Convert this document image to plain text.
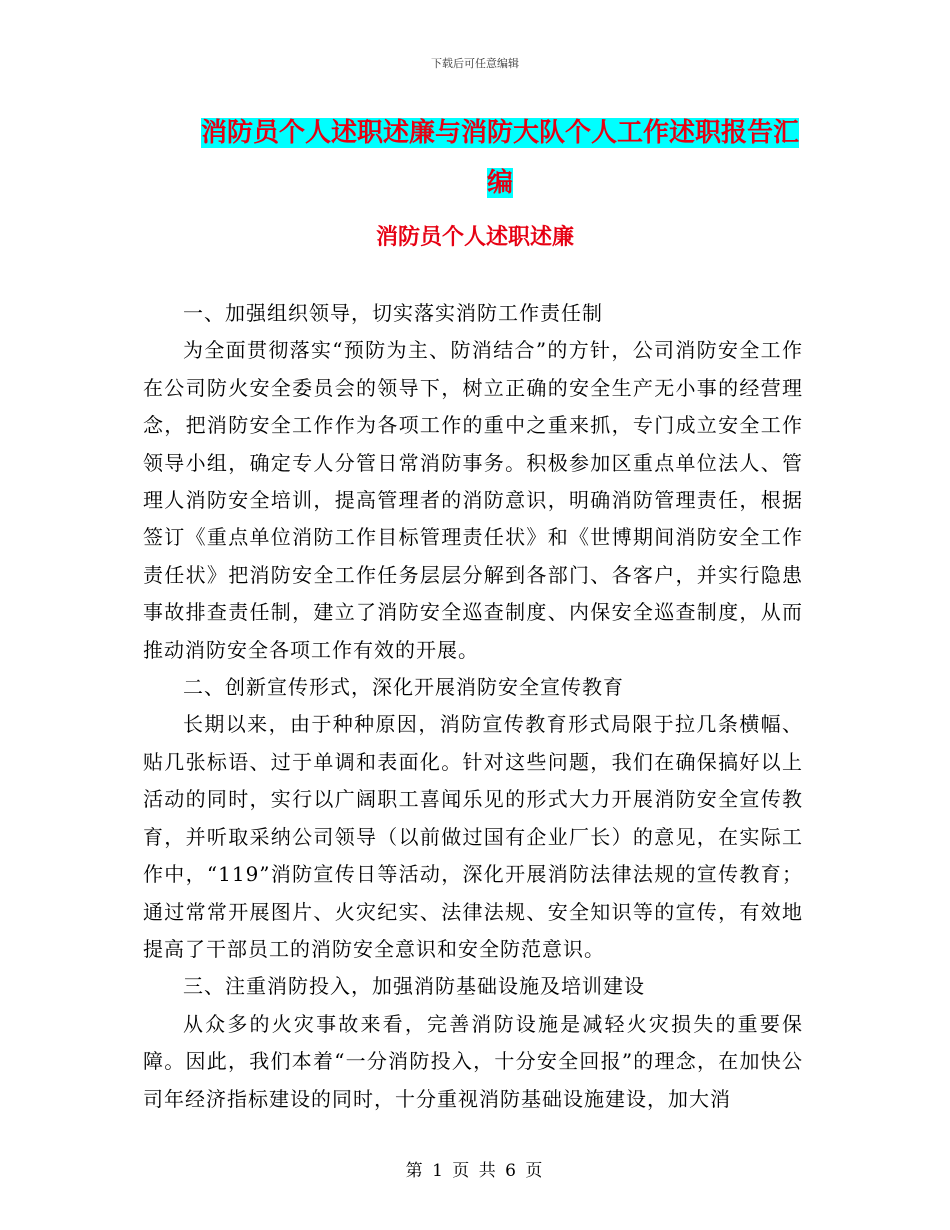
下载后可任意编辑
消防员个人述职述廉与消防大队个人工作述职报告汇编
消防员个人述职述廉

一、加强组织领导，切实落实消防工作责任制

为全面贯彻落实“预防为主、防消结合”的方针，公司消防安全工作在公司防火安全委员会的领导下，树立正确的安全生产无小事的经营理念，把消防安全工作作为各项工作的重中之重来抓，专门成立安全工作领导小组，确定专人分管日常消防事务。积极参加区重点单位法人、管理人消防安全培训，提高管理者的消防意识，明确消防管理责任，根据签订《重点单位消防工作目标管理责任状》和《世博期间消防安全工作责任状》把消防安全工作任务层层分解到各部门、各客户，并实行隐患事故排查责任制，建立了消防安全巡查制度、内保安全巡查制度，从而推动消防安全各项工作有效的开展。

二、创新宣传形式，深化开展消防安全宣传教育

长期以来，由于种种原因，消防宣传教育形式局限于拉几条横幅、贴几张标语、过于单调和表面化。针对这些问题，我们在确保搞好以上活动的同时，实行以广阔职工喜闻乐见的形式大力开展消防安全宣传教育，并听取采纳公司领导（以前做过国有企业厂长）的意见，在实际工作中，“119”消防宣传日等活动，深化开展消防法律法规的宣传教育；通过常常开展图片、火灾纪实、法律法规、安全知识等的宣传，有效地提高了干部员工的消防安全意识和安全防范意识。

三、注重消防投入，加强消防基础设施及培训建设

从众多的火灾事故来看，完善消防设施是减轻火灾损失的重要保障。因此，我们本着“一分消防投入，十分安全回报”的理念，在加快公司年经济指标建设的同时，十分重视消防基础设施建设，加大消

第 1 页 共 6 页
